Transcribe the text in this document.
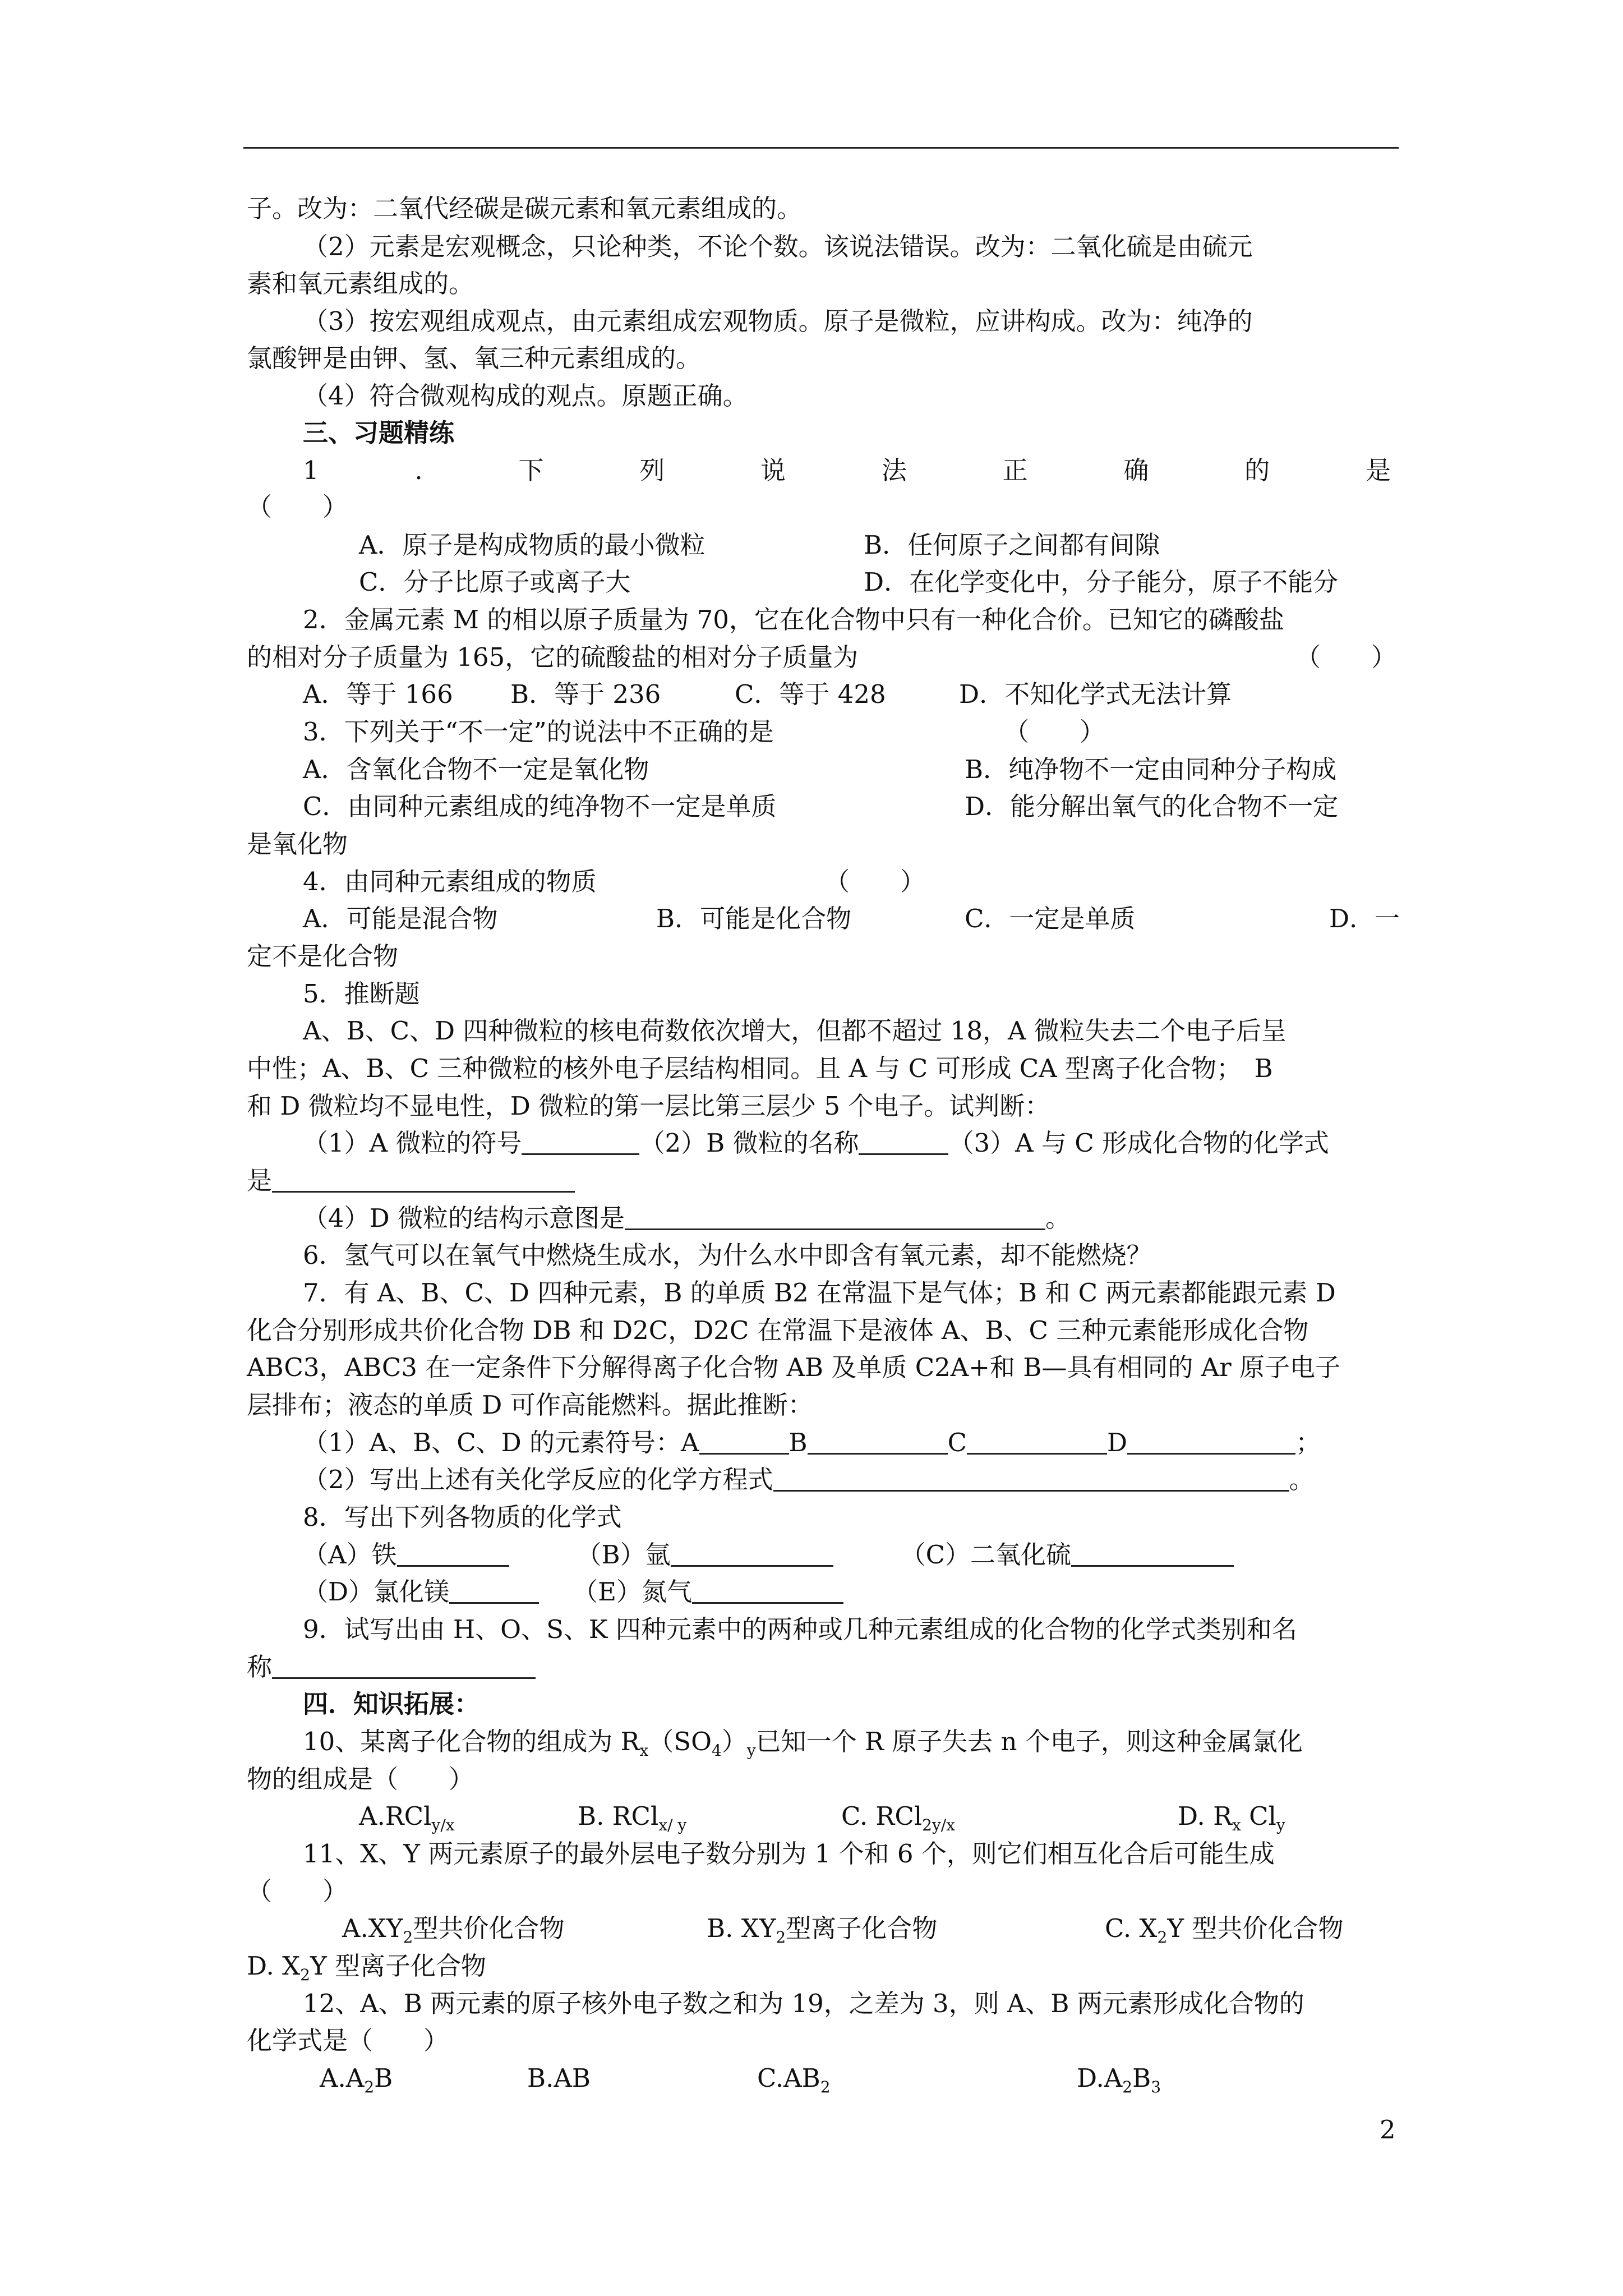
子。改为：二氧代经碳是碳元素和氧元素组成的。
（2）元素是宏观概念，只论种类，不论个数。该说法错误。改为：二氧化硫是由硫元
素和氧元素组成的。
（3）按宏观组成观点，由元素组成宏观物质。原子是微粒，应讲构成。改为：纯净的
氯酸钾是由钾、氢、氧三种元素组成的。
（4）符合微观构成的观点。原题正确。
三、习题精练
1	.	下	列	说	法	正	确	的	是
（　　）
A．原子是构成物质的最小微粒	B．任何原子之间都有间隙
C．分子比原子或离子大	D．在化学变化中，分子能分，原子不能分
2．金属元素 M 的相以原子质量为 70，它在化合物中只有一种化合价。已知它的磷酸盐
的相对分子质量为 165，它的硫酸盐的相对分子质量为	（　　）
A．等于 166 B．等于 236	C．等于 428	D．不知化学式无法计算
3．下列关于“不一定”的说法中不正确的是	（　　）
A．含氧化合物不一定是氧化物	B．纯净物不一定由同种分子构成
C．由同种元素组成的纯净物不一定是单质	D．能分解出氧气的化合物不一定
是氧化物
4．由同种元素组成的物质	（　　）
A．可能是混合物	B．可能是化合物	C．一定是单质	D．一
定不是化合物
5．推断题
A、B、C、D 四种微粒的核电荷数依次增大，但都不超过 18，A 微粒失去二个电子后呈
中性；A、B、C 三种微粒的核外电子层结构相同。且 A 与 C 可形成 CA 型离子化合物；　B
和 D 微粒均不显电性，D 微粒的第一层比第三层少 5 个电子。试判断：
（1）A 微粒的符号	（2）B 微粒的名称	（3）A 与 C 形成化合物的化学式
是
（4）D 微粒的结构示意图是	。
6．氢气可以在氧气中燃烧生成水，为什么水中即含有氧元素，却不能燃烧？
7．有 A、B、C、D 四种元素，B 的单质 B2 在常温下是气体；B 和 C 两元素都能跟元素 D
化合分别形成共价化合物 DB 和 D2C，D2C 在常温下是液体 A、B、C 三种元素能形成化合物
ABC3，ABC3 在一定条件下分解得离子化合物 AB 及单质 C2A+和 B—具有相同的 Ar 原子电子
层排布；液态的单质 D 可作高能燃料。据此推断：
（1）A、B、C、D 的元素符号：A	B	C	D	；
（2）写出上述有关化学反应的化学方程式	。
8．写出下列各物质的化学式
（A）铁	（B）氩	（C）二氧化硫
（D）氯化镁	（E）氮气
9．试写出由 H、O、S、K 四种元素中的两种或几种元素组成的化合物的化学式类别和名
称
四．知识拓展：
10、某离子化合物的组成为 $R_x(SO_4)_y$已知一个 R 原子失去 n 个电子，则这种金属氯化
物的组成是（　　）
A.RCl$_{y/x}$	B. RCl$_{x/ y}$	C. RCl$_{2y/x}$	D. $R_x$ $Cl_y$
11、X、Y 两元素原子的最外层电子数分别为 1 个和 6 个，则它们相互化合后可能生成
（　　）
$A.XY_2$型共价化合物	B. $XY_2$型离子化合物	C. $X_2Y$ 型共价化合物
D. $X_2Y$ 型离子化合物
12、A、B 两元素的原子核外电子数之和为 19，之差为 3，则 A、B 两元素形成化合物的
化学式是（　　）
$A.A_2B$	B.AB	$C.AB_2$	$D.A_2B_3$
2
